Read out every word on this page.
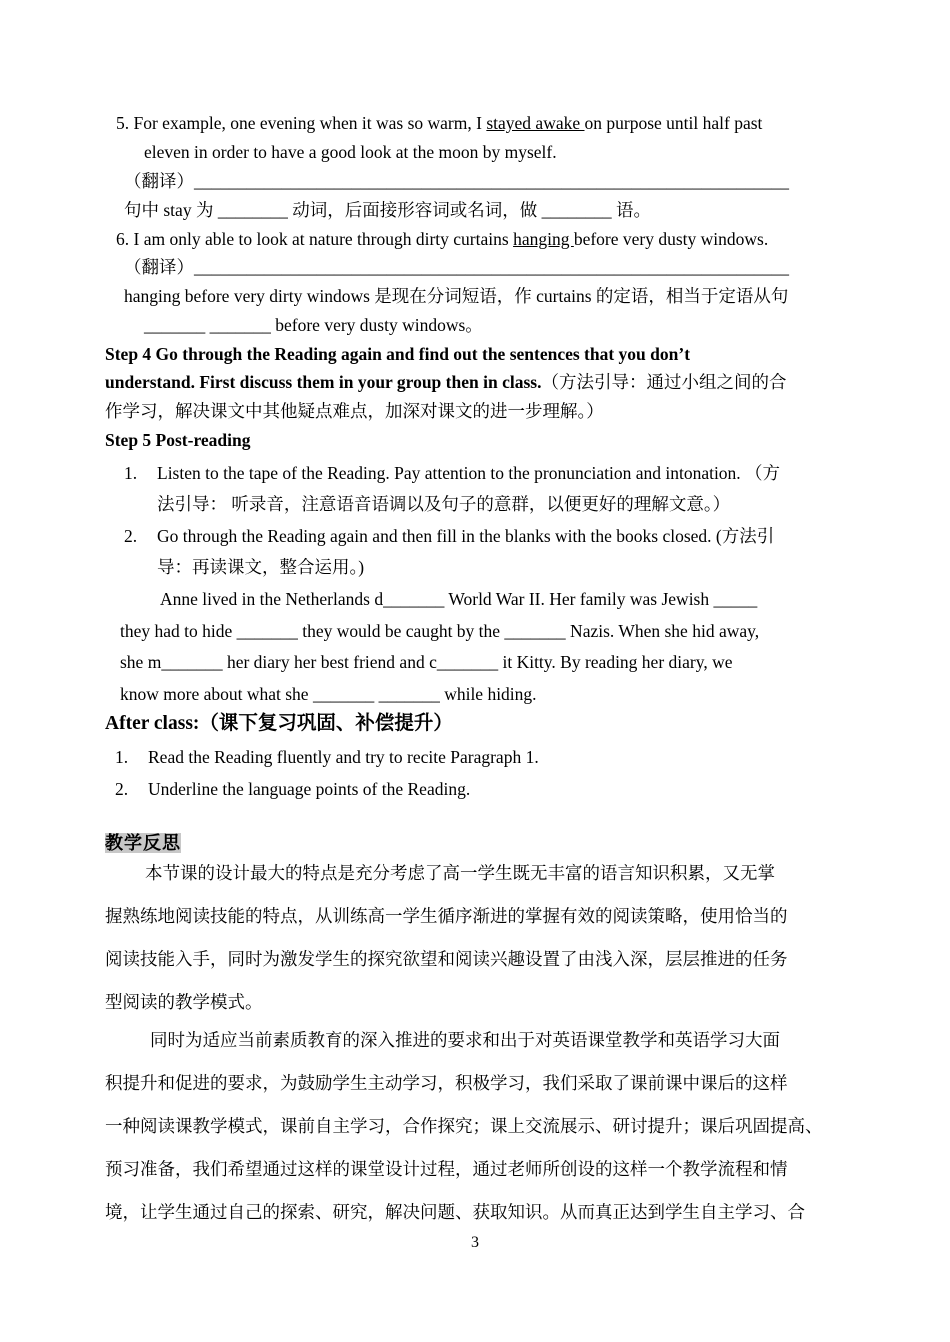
5. For example, one evening when it was so warm, I stayed awake on purpose until half past
eleven in order to have a good look at the moon by myself.
（翻译）____________________________________________________________________
句中 stay 为 ________ 动词，后面接形容词或名词，做 ________ 语。
6. I am only able to look at nature through dirty curtains hanging before very dusty windows.
（翻译）____________________________________________________________________
hanging before very dirty windows 是现在分词短语，作 curtains 的定语，相当于定语从句
_______ _______ before very dusty windows。
Step 4 Go through the Reading again and find out the sentences that you don’t
understand. First discuss them in your group then in class.（方法引导：通过小组之间的合
作学习，解决课文中其他疑点难点，加深对课文的进一步理解。）
Step 5 Post-reading
1. Listen to the tape of the Reading. Pay attention to the pronunciation and intonation. （方
法引导： 听录音，注意语音语调以及句子的意群，以便更好的理解文意。）
2. Go through the Reading again and then fill in the blanks with the books closed. (方法引
导：再读课文，整合运用。)
Anne lived in the Netherlands d_______ World War II. Her family was Jewish _____
they had to hide _______ they would be caught by the _______ Nazis. When she hid away,
she m_______ her diary her best friend and c_______ it Kitty. By reading her diary, we
know more about what she _______ _______ while hiding.
After class:（课下复习巩固、补偿提升）
1. Read the Reading fluently and try to recite Paragraph 1.
2. Underline the language points of the Reading.
教学反思
本节课的设计最大的特点是充分考虑了高一学生既无丰富的语言知识积累，又无掌
握熟练地阅读技能的特点，从训练高一学生循序渐进的掌握有效的阅读策略，使用恰当的
阅读技能入手，同时为激发学生的探究欲望和阅读兴趣设置了由浅入深，层层推进的任务
型阅读的教学模式。
同时为适应当前素质教育的深入推进的要求和出于对英语课堂教学和英语学习大面
积提升和促进的要求，为鼓励学生主动学习，积极学习，我们采取了课前课中课后的这样
一种阅读课教学模式，课前自主学习，合作探究；课上交流展示、研讨提升；课后巩固提高、
预习准备，我们希望通过这样的课堂设计过程，通过老师所创设的这样一个教学流程和情
境，让学生通过自己的探索、研究，解决问题、获取知识。从而真正达到学生自主学习、合
3
